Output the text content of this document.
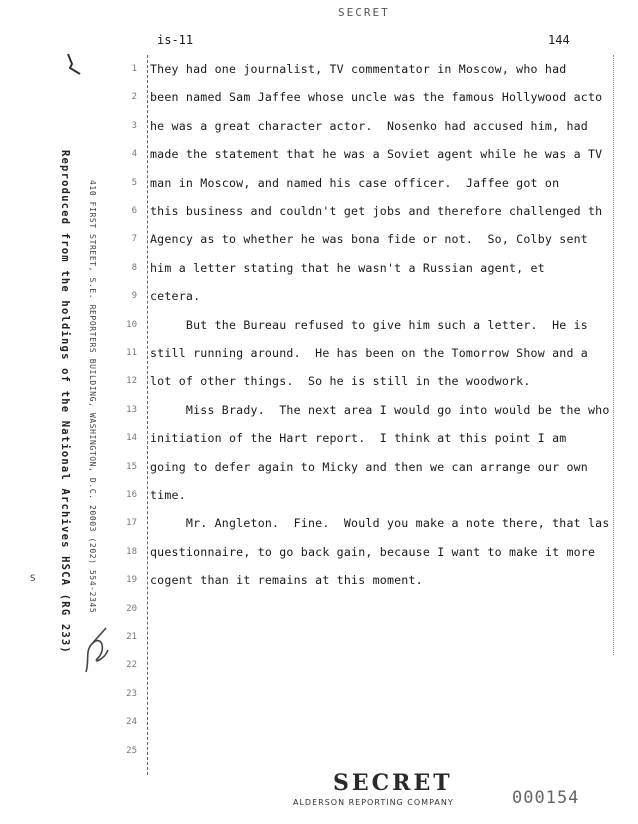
SECRET
is-11	144
1
2
3
4
5
6
7
8
9
10
11
12
13
14
15
16
17
18
19
20
21
22
23
24
25
They had one journalist, TV commentator in Moscow, who had
been named Sam Jaffee whose uncle was the famous Hollywood acto
he was a great character actor.  Nosenko had accused him, had
made the statement that he was a Soviet agent while he was a TV
man in Moscow, and named his case officer.  Jaffee got on
this business and couldn't get jobs and therefore challenged th
Agency as to whether he was bona fide or not.  So, Colby sent
him a letter stating that he wasn't a Russian agent, et
cetera.
But the Bureau refused to give him such a letter.  He is
still running around.  He has been on the Tomorrow Show and a
lot of other things.  So he is still in the woodwork.
Miss Brady.  The next area I would go into would be the who
initiation of the Hart report.  I think at this point I am
going to defer again to Micky and then we can arrange our own
time.
Mr. Angleton.  Fine.  Would you make a note there, that las
questionnaire, to go back gain, because I want to make it more
cogent than it remains at this moment.
Reproduced from the holdings of the National Archives HSCA (RG 233) 410 FIRST STREET, S.E. REPORTERS BUILDING, WASHINGTON, D.C. 20003 (202) 554-2345
S
SECRET
ALDERSON REPORTING COMPANY	000154
